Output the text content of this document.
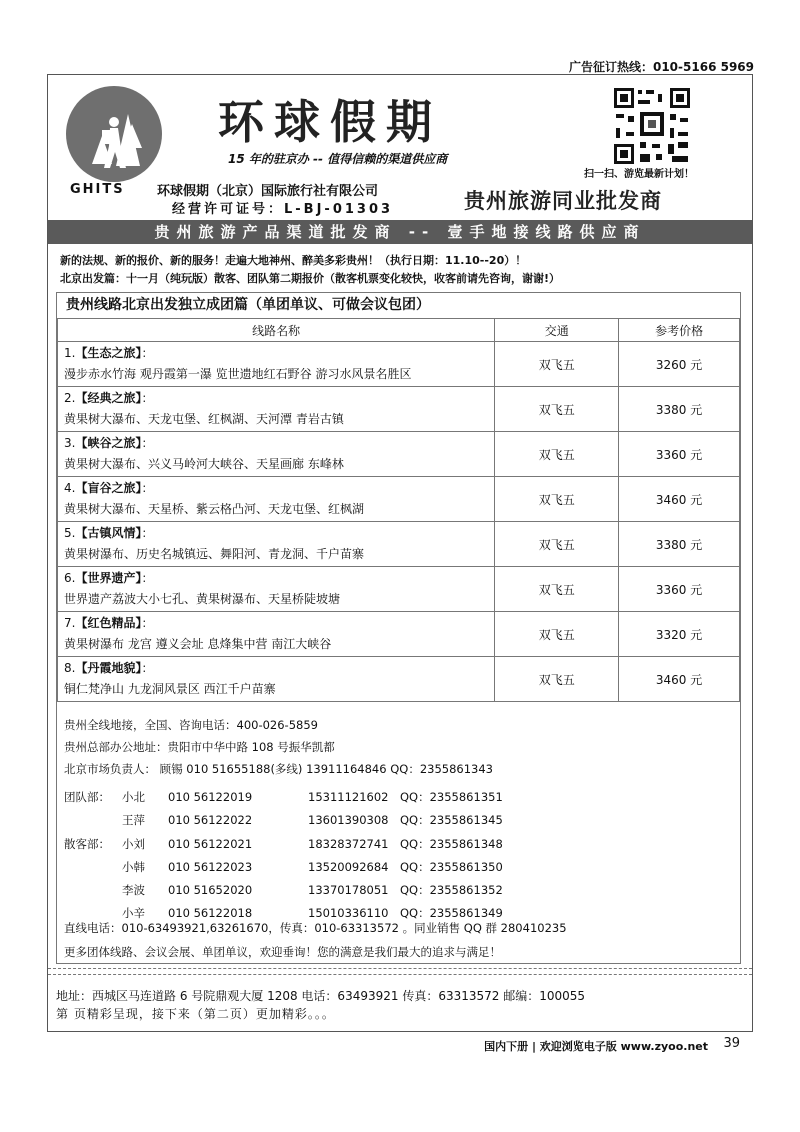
广告征订热线：010-5166 5969
GHITS
环球假期
15 年的驻京办 -- 值得信赖的渠道供应商
环球假期（北京）国际旅行社有限公司
经营许可证号：L-BJ-01303
扫一扫、游览最新计划！
贵州旅游同业批发商
贵州旅游产品渠道批发商 -- 壹手地接线路供应商
新的法规、新的报价、新的服务！走遍大地神州、醉美多彩贵州！（执行日期：11.10--20）！
北京出发篇：十一月（纯玩版）散客、团队第二期报价（散客机票变化较快，收客前请先咨询，谢谢!）
贵州线路北京出发独立成团篇（单团单议、可做会议包团）
线路名称	交通	参考价格
1.【生态之旅】：
漫步赤水竹海 观丹霞第一瀑 览世遗地红石野谷 游习水风景名胜区	双飞五	3260 元
2.【经典之旅】：
黄果树大瀑布、天龙屯堡、红枫湖、天河潭 青岩古镇	双飞五	3380 元
3.【峡谷之旅】：
黄果树大瀑布、兴义马岭河大峡谷、天星画廊 东峰林	双飞五	3360 元
4.【盲谷之旅】：
黄果树大瀑布、天星桥、紫云格凸河、天龙屯堡、红枫湖	双飞五	3460 元
5.【古镇风情】：
黄果树瀑布、历史名城镇远、舞阳河、青龙洞、千户苗寨	双飞五	3380 元
6.【世界遗产】：
世界遗产荔波大小七孔、黄果树瀑布、天星桥陡坡塘	双飞五	3360 元
7.【红色精品】：
黄果树瀑布 龙宫 遵义会址 息烽集中营 南江大峡谷	双飞五	3320 元
8.【丹霞地貌】：
铜仁梵净山 九龙洞风景区 西江千户苗寨	双飞五	3460 元
贵州全线地接，全国、咨询电话：400-026-5859
贵州总部办公地址：贵阳市中华中路 108 号振华凯都
北京市场负责人： 顾锡 010 51655188(多线) 13911164846 QQ：2355861343
团队部： 小北 010 56122019	15311121602 QQ：2355861351
王萍 010 56122022	13601390308 QQ：2355861345
散客部： 小刘 010 56122021	18328372741 QQ：2355861348
小韩 010 56122023	13520092684 QQ：2355861350
李波 010 51652020	13370178051 QQ：2355861352
小辛 010 56122018	15010336110 QQ：2355861349
直线电话：010-63493921,63261670，传真：010-63313572 。同业销售 QQ 群 280410235
更多团体线路、会议会展、单团单议，欢迎垂询！您的满意是我们最大的追求与满足！
地址：西城区马连道路 6 号院鼎观大厦 1208 电话：63493921 传真：63313572 邮编：100055
第 页精彩呈现，接下来（第二页）更加精彩。。。
国内下册 | 欢迎浏览电子版 www.zyoo.net 39
